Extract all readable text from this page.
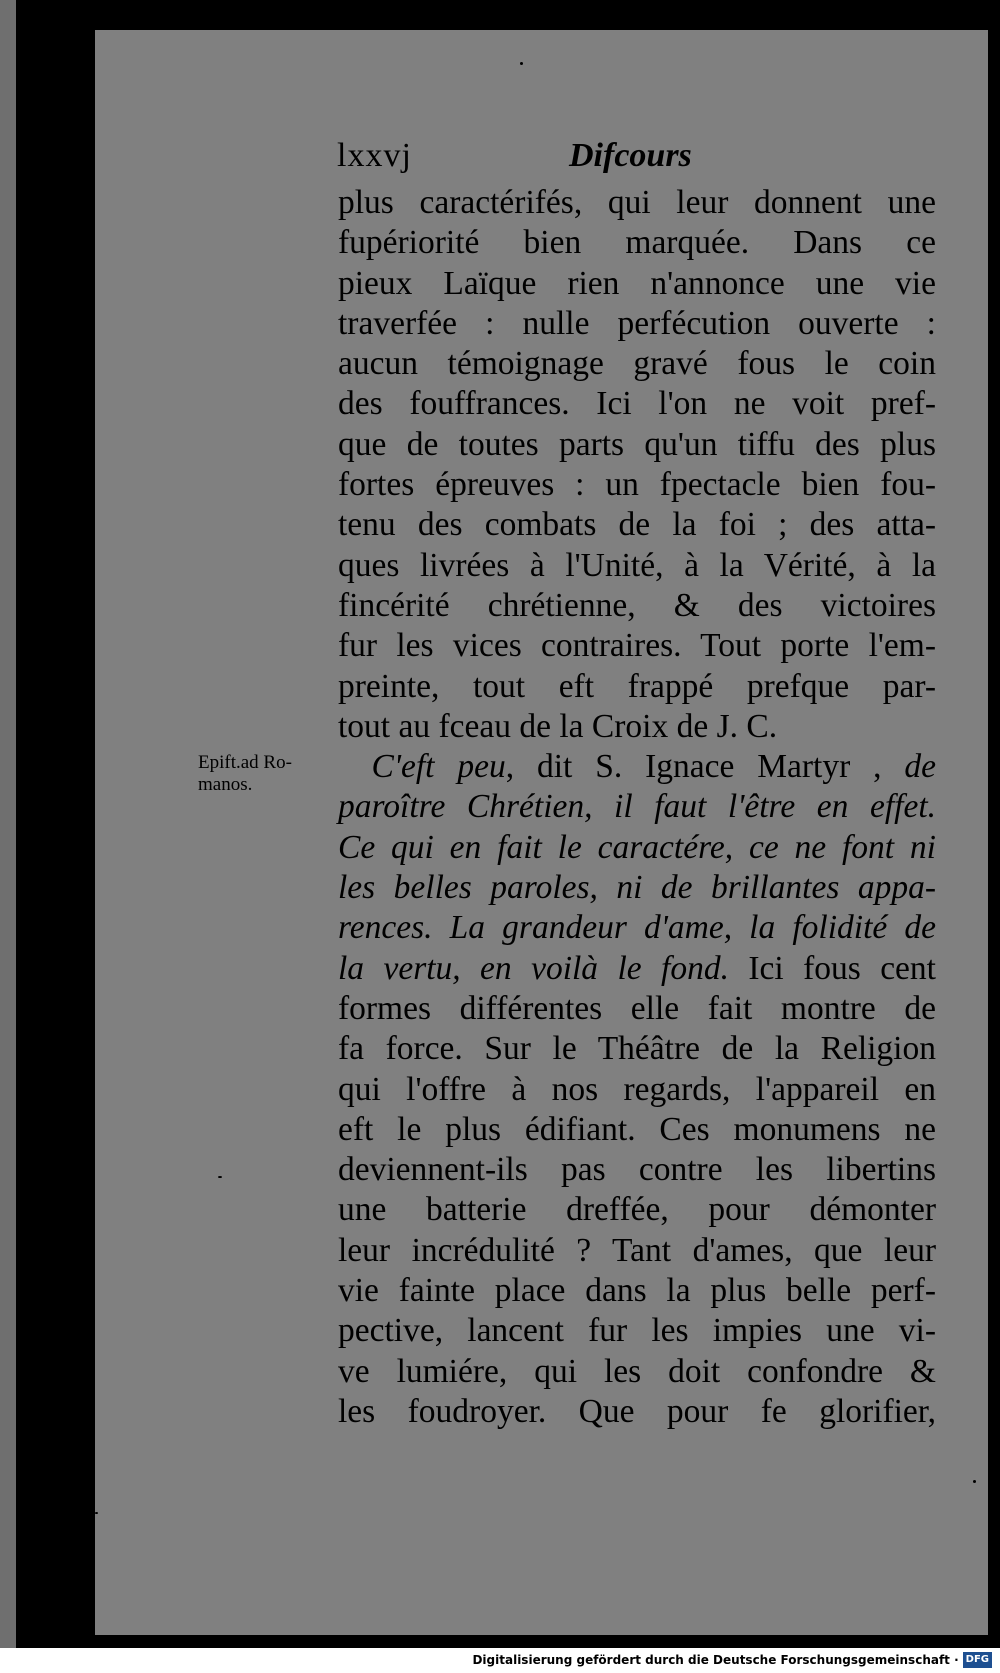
lxxvj	Difcours
Epift.ad Ro-
manos.
plus caractérifés, qui leur donnent une
fupériorité bien marquée. Dans ce
pieux Laïque rien n'annonce une vie
traverfée : nulle perfécution ouverte :
aucun témoignage gravé fous le coin
des fouffrances. Ici l'on ne voit pref-
que de toutes parts qu'un tiffu des plus
fortes épreuves : un fpectacle bien fou-
tenu des combats de la foi ; des atta-
ques livrées à l'Unité, à la Vérité, à la
fincérité chrétienne, & des victoires
fur les vices contraires. Tout porte l'em-
preinte, tout eft frappé prefque par-
tout au fceau de la Croix de J. C.
 C'eft peu, dit S. Ignace Martyr , de
paroître Chrétien, il faut l'être en effet.
Ce qui en fait le caractére, ce ne font ni
les belles paroles, ni de brillantes appa-
rences. La grandeur d'ame, la folidité de
la vertu, en voilà le fond. Ici fous cent
formes différentes elle fait montre de
fa force. Sur le Théâtre de la Religion
qui l'offre à nos regards, l'appareil en
eft le plus édifiant. Ces monumens ne
deviennent-ils pas contre les libertins
une batterie dreffée, pour démonter
leur incrédulité ? Tant d'ames, que leur
vie fainte place dans la plus belle perf-
pective, lancent fur les impies une vi-
ve lumiére, qui les doit confondre &
les foudroyer. Que pour fe glorifier,
Digitalisierung gefördert durch die Deutsche Forschungsgemeinschaft · DFG
